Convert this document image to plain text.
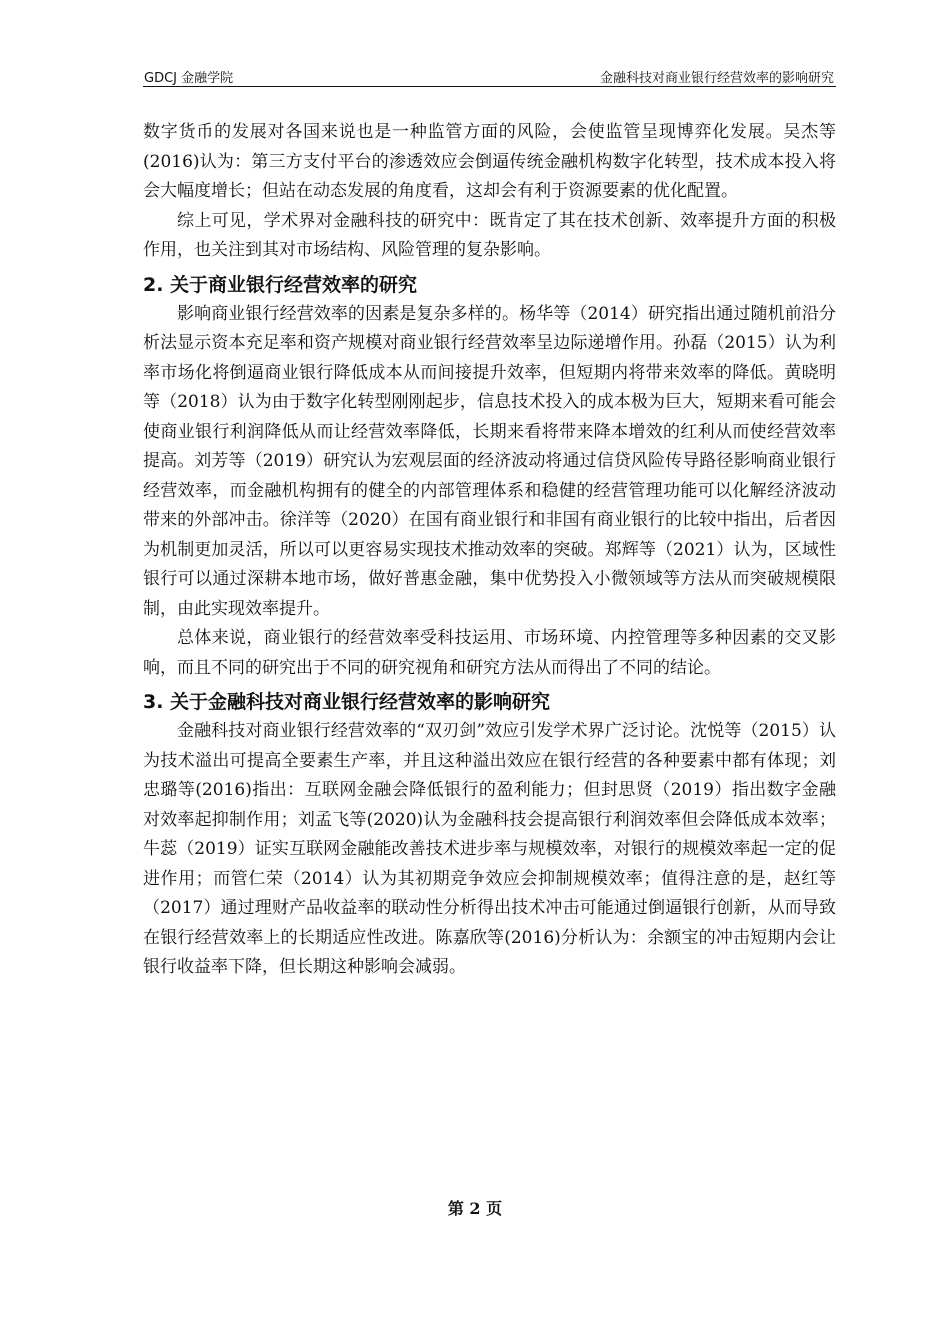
GDCJ 金融学院	金融科技对商业银行经营效率的影响研究

数字货币的发展对各国来说也是一种监管方面的风险，会使监管呈现博弈化发展。吴杰等(2016)认为：第三方支付平台的渗透效应会倒逼传统金融机构数字化转型，技术成本投入将会大幅度增长；但站在动态发展的角度看，这却会有利于资源要素的优化配置。

综上可见，学术界对金融科技的研究中：既肯定了其在技术创新、效率提升方面的积极作用，也关注到其对市场结构、风险管理的复杂影响。

2. 关于商业银行经营效率的研究

影响商业银行经营效率的因素是复杂多样的。杨华等（2014）研究指出通过随机前沿分析法显示资本充足率和资产规模对商业银行经营效率呈边际递增作用。孙磊（2015）认为利率市场化将倒逼商业银行降低成本从而间接提升效率，但短期内将带来效率的降低。黄晓明等（2018）认为由于数字化转型刚刚起步，信息技术投入的成本极为巨大，短期来看可能会使商业银行利润降低从而让经营效率降低，长期来看将带来降本增效的红利从而使经营效率提高。刘芳等（2019）研究认为宏观层面的经济波动将通过信贷风险传导路径影响商业银行经营效率，而金融机构拥有的健全的内部管理体系和稳健的经营管理功能可以化解经济波动带来的外部冲击。徐洋等（2020）在国有商业银行和非国有商业银行的比较中指出，后者因为机制更加灵活，所以可以更容易实现技术推动效率的突破。郑辉等（2021）认为，区域性银行可以通过深耕本地市场，做好普惠金融，集中优势投入小微领域等方法从而突破规模限制，由此实现效率提升。

总体来说，商业银行的经营效率受科技运用、市场环境、内控管理等多种因素的交叉影响，而且不同的研究出于不同的研究视角和研究方法从而得出了不同的结论。

3. 关于金融科技对商业银行经营效率的影响研究

金融科技对商业银行经营效率的“双刃剑”效应引发学术界广泛讨论。沈悦等（2015）认为技术溢出可提高全要素生产率，并且这种溢出效应在银行经营的各种要素中都有体现；刘忠璐等(2016)指出：互联网金融会降低银行的盈利能力；但封思贤（2019）指出数字金融对效率起抑制作用；刘孟飞等(2020)认为金融科技会提高银行利润效率但会降低成本效率；牛蕊（2019）证实互联网金融能改善技术进步率与规模效率，对银行的规模效率起一定的促进作用；而管仁荣（2014）认为其初期竞争效应会抑制规模效率；值得注意的是，赵红等（2017）通过理财产品收益率的联动性分析得出技术冲击可能通过倒逼银行创新，从而导致在银行经营效率上的长期适应性改进。陈嘉欣等(2016)分析认为：余额宝的冲击短期内会让银行收益率下降，但长期这种影响会减弱。

第 2 页
